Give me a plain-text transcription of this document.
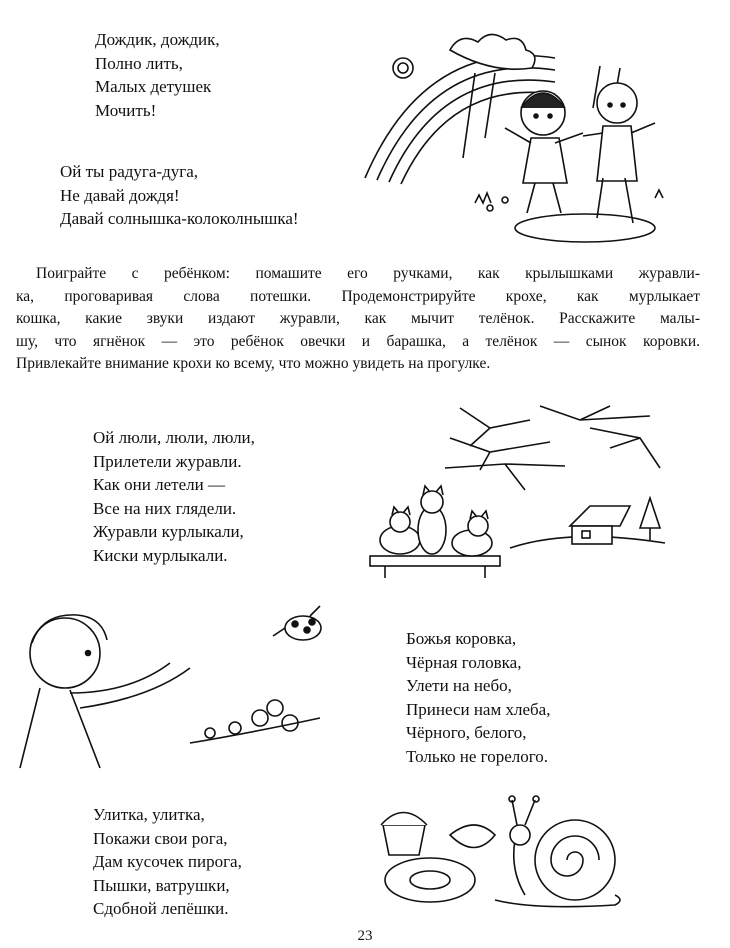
Дождик, дождик,
Полно лить,
Малых детушек
Мочить!
Ой ты радуга-дуга,
Не давай дождя!
Давай солнышка-колоколнышка!
Поиграйте с ребёнком: помашите его ручками, как крылышками журавли-
ка, проговаривая слова потешки. Продемонстрируйте крохе, как мурлыкает
кошка, какие звуки издают журавли, как мычит телёнок. Расскажите малы-
шу, что ягнёнок — это ребёнок овечки и барашка, а телёнок — сынок коровки.
Привлекайте внимание крохи ко всему, что можно увидеть на прогулке.
Ой люли, люли, люли,
Прилетели журавли.
Как они летели —
Все на них глядели.
Журавли курлыкали,
Киски мурлыкали.
Божья коровка,
Чёрная головка,
Улети на небо,
Принеси нам хлеба,
Чёрного, белого,
Только не горелого.
Улитка, улитка,
Покажи свои рога,
Дам кусочек пирога,
Пышки, ватрушки,
Сдобной лепёшки.
23
